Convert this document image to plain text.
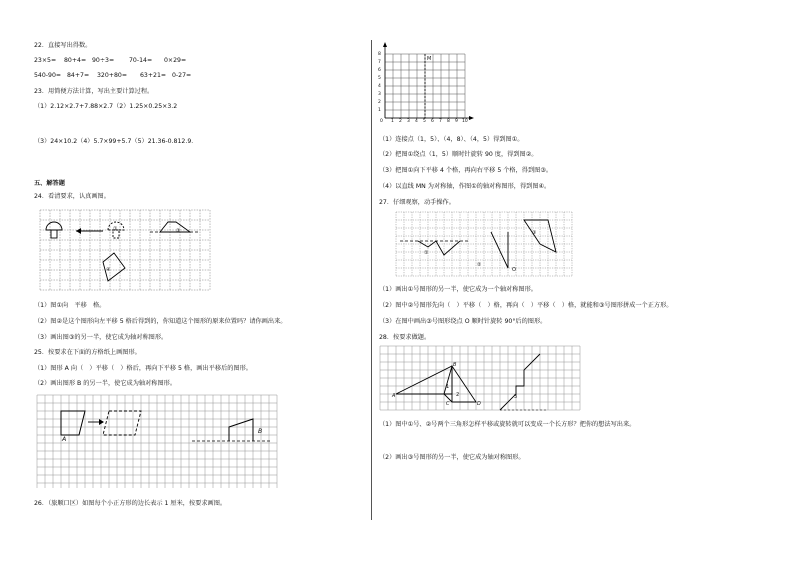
22．直接写出得数。
23×5= 80+4= 90÷3= 70-14= 0×29=
540-90= 84+7= 320+80= 63+21= 0-27=
23．用简便方法计算，写出主要计算过程。
（1）2.12×2.7+7.88×2.7（2）1.25×0.25×3.2
（3）24×10.2（4）5.7×99+5.7（5）21.36-0.812.9．
五、解答题
24．看清要求，认真画图。
①	③
④
（1）图①向　平移　格。
（2）图②是这个图形向左平移 5 格后得到的，你知道这个图形的原来位置吗？请你画出来。
（3）画出图③的另一半，使它成为轴对称图形。
25．按要求在下面的方格纸上画图形。
（1）图形 A 向（　）平移（　）格后，再向下平移 5 格，画出平移后的图形。
（2）画出图形 B 的另一半，使它成为轴对称图形。
A
B
26．（旅顺口区）如图每个小正方形的边长表示 1 厘米，按要求画图。
8
7
6
5
4
3
2
1
0 1 2 3 4 5 6 7 8 9 10
M
（1）连接点（1，5）、（4，8）、（4，5）得到图①。
（2）把图①绕点（1，5）顺时针旋转 90 度，得到图②。
（3）把图①向下平移 4 个格，再向右平移 5 个格，得到图③。
（4）以直线 MN 为对称轴，作图①的轴对称图形，得到图④。
27．仔细观察，动手操作。
①
②
③
O
（1）画出①号图形的另一半，使它成为一个轴对称图形。
（2）图中②号图形先向（　）平移（　）格，再向（　）平移（　）格，就能和③号图形拼成一个正方形。
（3）在图中画出③号图形绕点 O 顺时针旋转 90°后的图形。
28．按要求做题。
A
B
C	D
1
2	3
（1）图中①号、②号两个三角形怎样平移或旋转就可以变成一个长方形？把你的想法写出来。
（2）画出③号图形的另一半，使它成为轴对称图形。
